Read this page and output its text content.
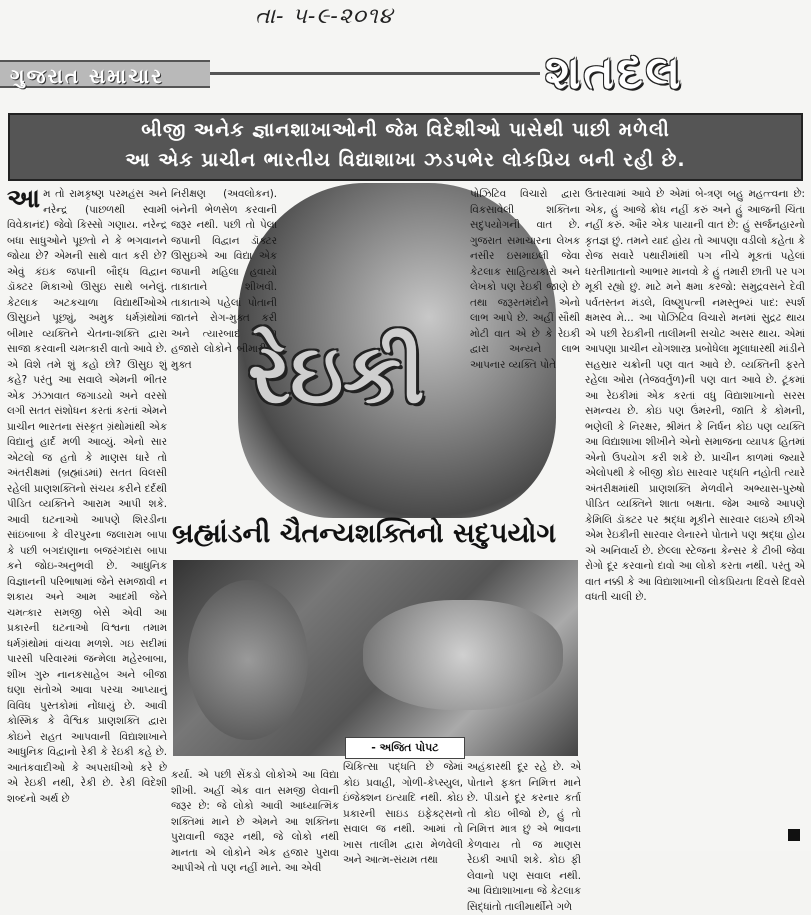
તા- ૫-૯-૨૦૧૪
ગુજરાત સમાચાર	શતદલ
બીજી અનેક જ્ઞાનશાખાઓની જેમ વિદેશીઓ પાસેથી પાછી મળેલી
આ એક પ્રાચીન ભારતીય વિદ્યાશાખા ઝડપભેર લોકપ્રિય બની રહી છે.

આમ તો રામકૃષ્ણ પરમહંસ અને નરેન્દ્ર (પાછળથી સ્વામી વિવેકાનંદ) જેવો કિસ્સો ગણાય. નરેન્દ્ર બધા સાધુઓને પૂછતો ને કે ભગવાનને જોયા છે? એમની સાથે વાત કરી છે? એવું કંઇક જપાની બૌદ્ધ વિદ્વાન ડૉક્ટર મિકાઓ ઊસુઇ સાથે બનેલું. કેટલાક અટકચાળા વિદ્યાર્થીઓએ ઊસુઇને પૂછ્યું, અમુક ધર્મગ્રંથોમાં બીમાર વ્યક્તિને ચેતના-શક્તિ દ્વારા સાજા કરવાની ચમત્કારી વાતો આવે છે. એ વિશે તમે શું કહો છો? ઊસુઇ શું કહે? પરંતુ આ સવાલે એમની ભીતર એક ઝંઝાવાત જગાડયો અને વરસો લગી સતત સંશોધન કરતાં કરતાં એમને પ્રાચીન ભારતના સંસ્કૃત ગ્રંથોમાંથી એક વિદ્યાનું હાર્દ મળી આવ્યું. એનો સાર એટલો જ હતો કે માણસ ધારે તો અંતરીક્ષમાં (બ્રહ્માંડમાં) સતત વિલસી રહેલી પ્રાણશક્તિનો સંચય કરીને દર્દથી પીડિત વ્યક્તિને આરામ આપી શકે. આવી ઘટનાઓ આપણે શિરડીના સાંઇબાબા કે વીરપુરના જલારામ બાપા કે પછી બગદાણાના બજરંગદાસ બાપા કને જોઇ-અનુભવી છે. આધુનિક વિજ્ઞાનની પરિભાષામાં જેને સમજાવી ન શકાય અને આમ આદમી જેને ચમત્કાર સમજી બેસે એવી આ પ્રકારની ઘટનાઓ વિશ્વના તમામ ધર્મગ્રંથોમાં વાંચવા મળશે. ગઇ સદીમાં પારસી પરિવારમાં જન્મેલા મહેરબાબા, શીખ ગુરુ નાનકસાહેબ અને બીજા ઘણા સંતોએ આવા પરચા આપ્યાનું વિવિધ પુસ્તકોમાં નોંધાયું છે. આવી કોસ્મિક કે વૈશ્વિક પ્રાણશક્તિ દ્વારા કોઇને રાહત આપવાની વિદ્યાશાખાને આધુનિક વિદ્વાનો રેકી કે રેઇકી કહે છે. આતંકવાદીઓ કે અપરાધીઓ કરે છે એ રેઇકી નથી, રેકી છે. રેકી વિદેશી શબ્દનો અર્થ છે

નિરીક્ષણ (અવલોકન). બંનેની ભેળસેળ કરવાની જરૂર નથી. પછી તો પેલા જપાની વિદ્વાન ડૉક્ટર ઊસુઇએ આ વિદ્યા એક જપાની મહિલા હવાયો તાકાતાને શીખવી. તાકાતાએ પહેલાં પોતાની જાતને રોગ-મુક્ત કરી અને ત્યારબાદ બીજા હજારો લોકોને બીમારીથી મુક્ત
પોઝિટિવ વિચારો દ્વારા વિકસાવેલી શક્તિના સદુપયોગની વાત છે. ગુજરાત સમાચારના લેખક નસીર ઇસમાઇલી જેવા કેટલાક સાહિત્યકારો અને લેખકો પણ રેઇકી જાણે છે તથા જરૂરતમંદોને એનો લાભ આપે છે. અહીં સૌથી મોટી વાત એ છે કે રેઇકી દ્વારા અન્યને લાભ આપનાર વ્યક્તિ પોતે
રેઇકી
ઉતારવામાં આવે છે એમાં બે-ત્રણ બહુ મહત્ત્વના છે: એક, હું આજે ક્રોધ નહીં કરું અને હું આજની ચિંતા નહીં કરું. ઔર એક પાયાની વાત છે: હું સર્જનહારનો કૃતજ્ઞ છું. તમને યાદ હોય તો આપણા વડીલો કહેતા કે રોજ સવારે પથારીમાંથી પગ નીચે મૂકતાં પહેલાં ધરતીમાતાનો આભાર માનવો કે હું તમારી છાતી પર પગ મૂકી રહ્યો છું. માટે મને ક્ષમા કરજો: સમુદ્રવસને દેવી પર્વતસ્તન મંડલે, વિષ્ણુપત્ની નમસ્તુભ્યં પાદ: સ્પર્શ ક્ષમસ્વ મે... આ પોઝિટિવ વિચારો મનમાં સુદ્રઢ થાય એ પછી રેઇકીની તાલીમની સચોટ અસર થાય. એમાં આપણા પ્રાચીન યોગશાસ્ત્ર પ્રબોધેલા મૂલાધારથી માંડીને સહસ્રાર ચક્રોની પણ વાત આવે છે. વ્યક્તિની ફરતે રહેલા ઓરા (તેજવર્તુળ)ની પણ વાત આવે છે. ટૂંકમાં આ રેઇકીમાં એક કરતાં વધુ વિદ્યાશાખાનો સરસ સમન્વય છે. કોઇ પણ ઉંમરની, જાતિ કે કોમની, ભણેલી કે નિરક્ષર, શ્રીમંત કે નિર્ધન કોઇ પણ વ્યક્તિ આ વિદ્યાશાખા શીખીને એનો સમાજના વ્યાપક હિતમાં એનો ઉપયોગ કરી શકે છે. પ્રાચીન કાળમાં જ્યારે એલોપથી કે બીજી કોઇ સારવાર પદ્ધતિ નહોતી ત્યારે અંતરીક્ષમાંથી પ્રાણશક્તિ મેળવીને અભ્યાસ-પુરુષો પીડિત વ્યક્તિને શાતા બક્ષતા. જેમ આજે આપણે કેમિલિ ડૉક્ટર પર શ્રદ્ધા મૂકીને સારવાર લઇએ છીએ એમ રેઇકીની સારવાર લેનારને પોતાને પણ શ્રદ્ધા હોય એ અનિવાર્ય છે. છેલ્લા સ્ટેજના કેન્સર કે ટીબી જેવા રોગો દૂર કરવાનો દાવો આ લોકો કરતા નથી. પરંતુ એ વાત નક્કી કે આ વિદ્યાશાખાની લોકપ્રિયતા દિવસે દિવસે વધતી ચાલી છે.
બ્રહ્માંડની ચૈતન્યશક્તિનો સદુપયોગ
- અજિત પોપટ
કર્યા. એ પછી સેંકડો લોકોએ આ વિદ્યા શીખી. અહીં એક વાત સમજી લેવાની જરૂર છે: જે લોકો આવી આધ્યાત્મિક શક્તિમાં માને છે એમને આ શક્તિના પુરાવાની જરૂર નથી, જે લોકો નથી માનતા એ લોકોને એક હજાર પુરાવા આપીએ તો પણ નહીં માને. આ એવી
ચિકિત્સા પદ્ધતિ છે જેમાં કોઇ પ્રવાહી, ગોળી-કેપ્સ્યુલ, ઇંજેક્શન ઇત્યાદિ નથી. કોઇ પ્રકારની સાઇડ ઇફેક્ટ્સનો સવાલ જ નથી. આમાં તો ખાસ તાલીમ દ્વારા મેળવેલી અને આત્મ-સંયમ તથા
અહંકારથી દૂર રહે છે. એ પોતાને ફક્ત નિમિત્ત માને છે. પીડાને દૂર કરનાર કર્તા તો કોઇ બીજો છે, હું તો નિમિત્ત માત્ર છું એ ભાવના કેળવાય તો જ માણસ રેઇકી આપી શકે. કોઇ ફી લેવાનો પણ સવાલ નથી. આ વિદ્યાશાખાના જે કેટલાક સિદ્ધાંતો તાલીમાર્થીને ગળે
